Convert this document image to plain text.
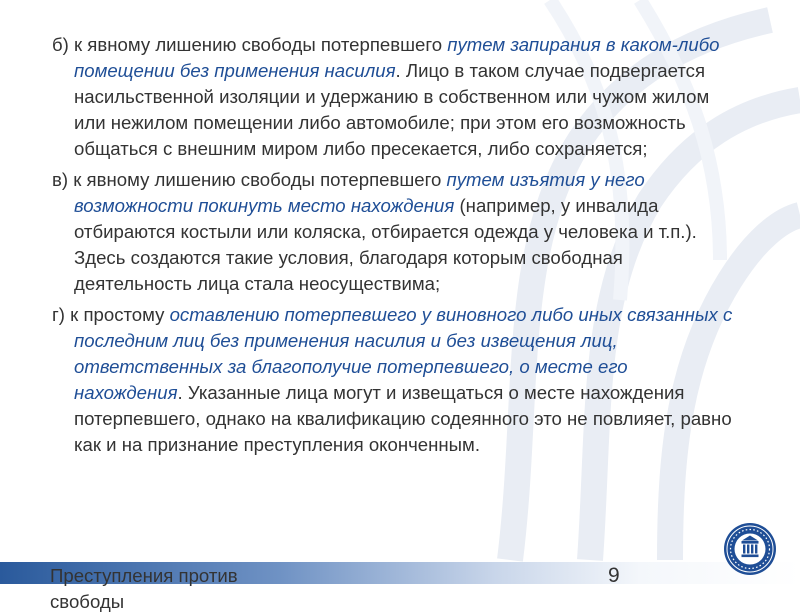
б) к явному лишению свободы потерпевшего путем запирания в каком-либо помещении без применения насилия. Лицо в таком случае подвергается насильственной изоляции и удержанию в собственном или чужом жилом или нежилом помещении либо автомобиле; при этом его возможность общаться с внешним миром либо пресекается, либо сохраняется;

в) к явному лишению свободы потерпевшего путем изъятия у него возможности покинуть место нахождения (например, у инвалида отбираются костыли или коляска, отбирается одежда у человека и т.п.). Здесь создаются такие условия, благодаря которым свободная деятельность лица стала неосуществима;

г) к простому оставлению потерпевшего у виновного либо иных связанных с последним лиц без применения насилия и без извещения лиц, ответственных за благополучие потерпевшего, о месте его нахождения. Указанные лица могут и извещаться о месте нахождения потерпевшего, однако на квалификацию содеянного это не повлияет, равно как и на признание преступления оконченным.

Преступления против свободы
9
